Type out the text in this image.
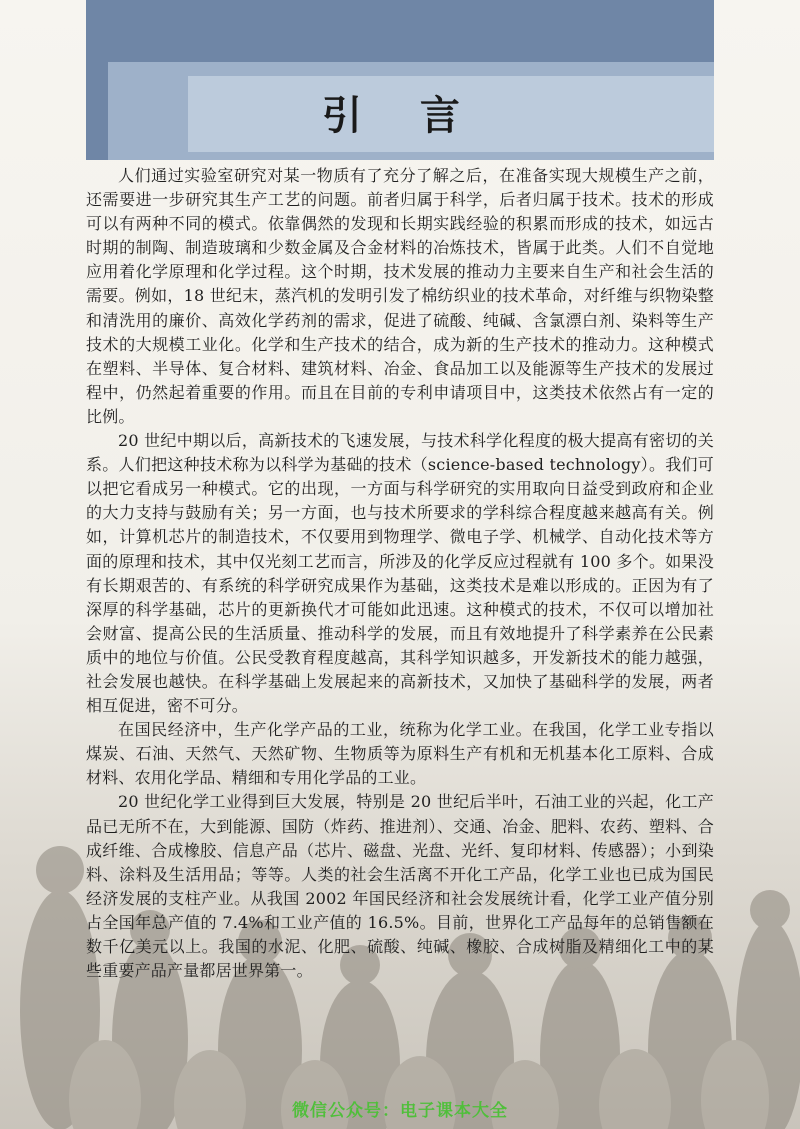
引 言

人们通过实验室研究对某一物质有了充分了解之后，在准备实现大规模生产之前，还需要进一步研究其生产工艺的问题。前者归属于科学，后者归属于技术。技术的形成可以有两种不同的模式。依靠偶然的发现和长期实践经验的积累而形成的技术，如远古时期的制陶、制造玻璃和少数金属及合金材料的冶炼技术，皆属于此类。人们不自觉地应用着化学原理和化学过程。这个时期，技术发展的推动力主要来自生产和社会生活的需要。例如，18 世纪末，蒸汽机的发明引发了棉纺织业的技术革命，对纤维与织物染整和清洗用的廉价、高效化学药剂的需求，促进了硫酸、纯碱、含氯漂白剂、染料等生产技术的大规模工业化。化学和生产技术的结合，成为新的生产技术的推动力。这种模式在塑料、半导体、复合材料、建筑材料、冶金、食品加工以及能源等生产技术的发展过程中，仍然起着重要的作用。而且在目前的专利申请项目中，这类技术依然占有一定的比例。

20 世纪中期以后，高新技术的飞速发展，与技术科学化程度的极大提高有密切的关系。人们把这种技术称为以科学为基础的技术（science-based technology）。我们可以把它看成另一种模式。它的出现，一方面与科学研究的实用取向日益受到政府和企业的大力支持与鼓励有关；另一方面，也与技术所要求的学科综合程度越来越高有关。例如，计算机芯片的制造技术，不仅要用到物理学、微电子学、机械学、自动化技术等方面的原理和技术，其中仅光刻工艺而言，所涉及的化学反应过程就有 100 多个。如果没有长期艰苦的、有系统的科学研究成果作为基础，这类技术是难以形成的。正因为有了深厚的科学基础，芯片的更新换代才可能如此迅速。这种模式的技术，不仅可以增加社会财富、提高公民的生活质量、推动科学的发展，而且有效地提升了科学素养在公民素质中的地位与价值。公民受教育程度越高，其科学知识越多，开发新技术的能力越强，社会发展也越快。在科学基础上发展起来的高新技术，又加快了基础科学的发展，两者相互促进，密不可分。

在国民经济中，生产化学产品的工业，统称为化学工业。在我国，化学工业专指以煤炭、石油、天然气、天然矿物、生物质等为原料生产有机和无机基本化工原料、合成材料、农用化学品、精细和专用化学品的工业。

20 世纪化学工业得到巨大发展，特别是 20 世纪后半叶，石油工业的兴起，化工产品已无所不在，大到能源、国防（炸药、推进剂）、交通、冶金、肥料、农药、塑料、合成纤维、合成橡胶、信息产品（芯片、磁盘、光盘、光纤、复印材料、传感器）；小到染料、涂料及生活用品；等等。人类的社会生活离不开化工产品，化学工业也已成为国民经济发展的支柱产业。从我国 2002 年国民经济和社会发展统计看，化学工业产值分别占全国年总产值的 7.4%和工业产值的 16.5%。目前，世界化工产品每年的总销售额在数千亿美元以上。我国的水泥、化肥、硫酸、纯碱、橡胶、合成树脂及精细化工中的某些重要产品产量都居世界第一。

微信公众号：电子课本大全
